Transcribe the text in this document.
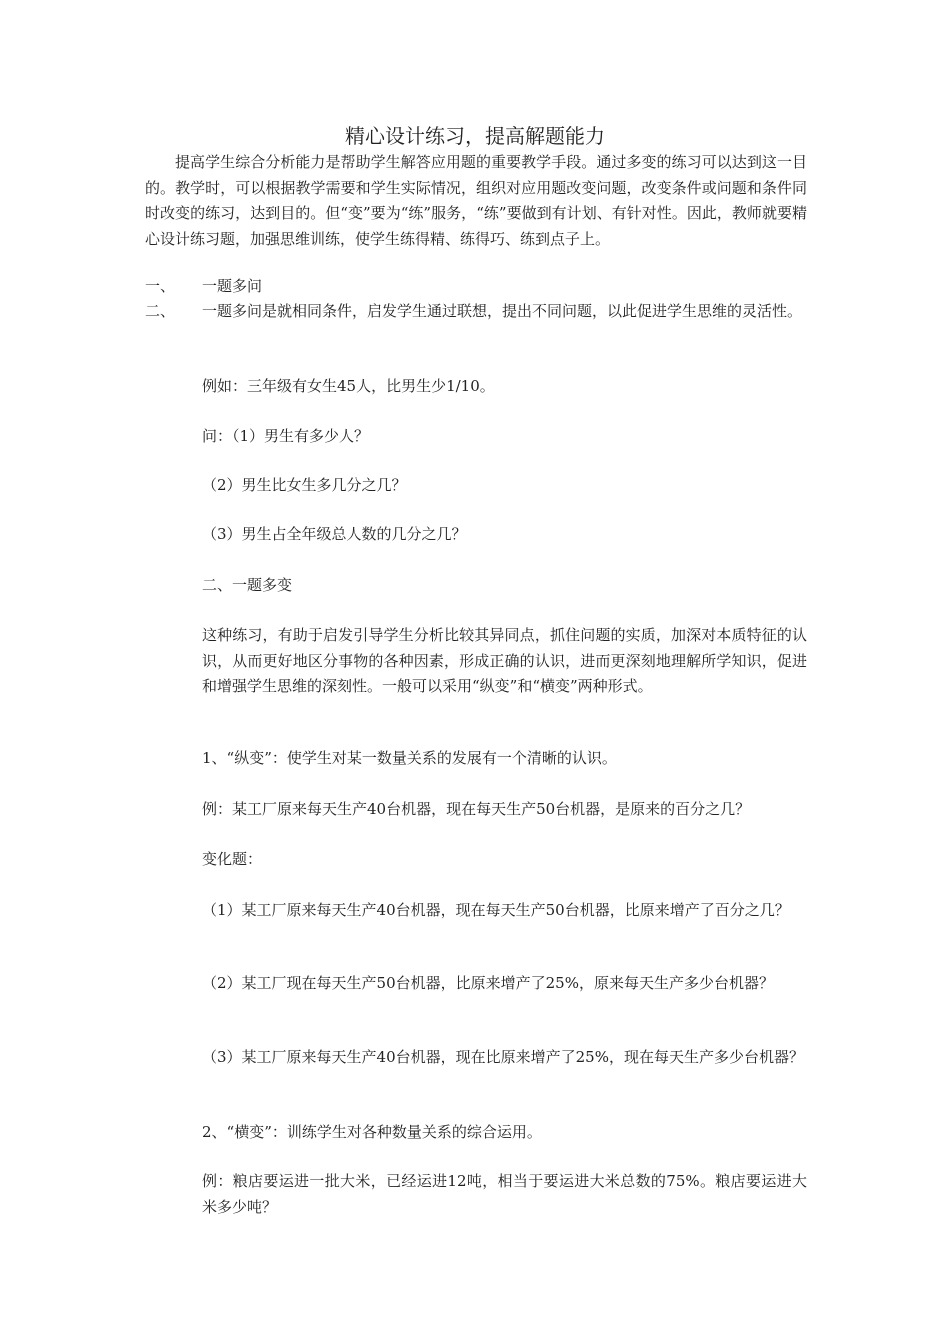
精心设计练习，提高解题能力

提高学生综合分析能力是帮助学生解答应用题的重要教学手段。通过多变的练习可以达到这一目的。教学时，可以根据教学需要和学生实际情况，组织对应用题改变问题，改变条件或问题和条件同时改变的练习，达到目的。但“变”要为“练”服务，“练”要做到有计划、有针对性。因此，教师就要精心设计练习题，加强思维训练，使学生练得精、练得巧、练到点子上。

一、 一题多问
二、 一题多问是就相同条件，启发学生通过联想，提出不同问题，以此促进学生思维的灵活性。

例如：三年级有女生45人，比男生少1/10。

问：（1）男生有多少人？

（2）男生比女生多几分之几？

（3）男生占全年级总人数的几分之几？

二、一题多变

这种练习，有助于启发引导学生分析比较其异同点，抓住问题的实质，加深对本质特征的认识，从而更好地区分事物的各种因素，形成正确的认识，进而更深刻地理解所学知识，促进和增强学生思维的深刻性。一般可以采用“纵变”和“横变”两种形式。

1、“纵变”：使学生对某一数量关系的发展有一个清晰的认识。

例：某工厂原来每天生产40台机器，现在每天生产50台机器，是原来的百分之几？

变化题：

（1）某工厂原来每天生产40台机器，现在每天生产50台机器，比原来增产了百分之几？

（2）某工厂现在每天生产50台机器，比原来增产了25%，原来每天生产多少台机器？

（3）某工厂原来每天生产40台机器，现在比原来增产了25%，现在每天生产多少台机器？

2、“横变”：训练学生对各种数量关系的综合运用。

例：粮店要运进一批大米，已经运进12吨，相当于要运进大米总数的75%。粮店要运进大米多少吨？
